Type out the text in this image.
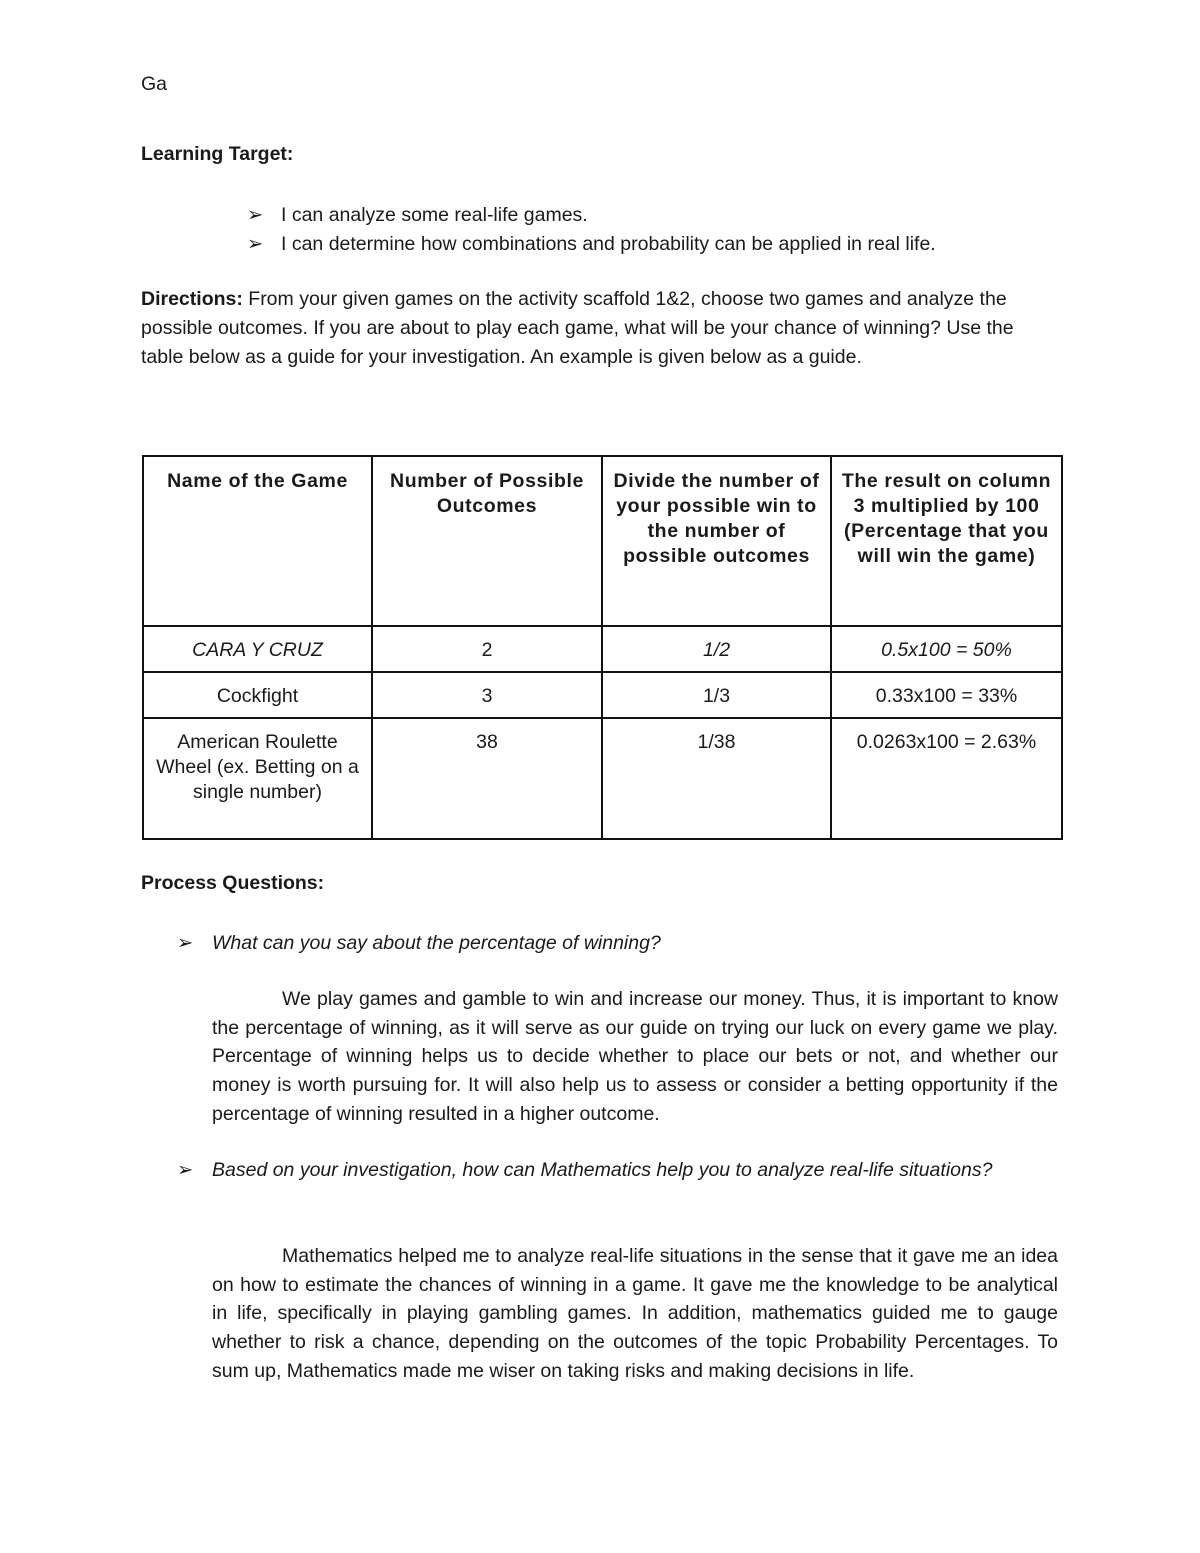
Ga
Learning Target:
➢ I can analyze some real-life games.
➢ I can determine how combinations and probability can be applied in real life.
Directions: From your given games on the activity scaffold 1&2, choose two games and analyze the possible outcomes. If you are about to play each game, what will be your chance of winning? Use the table below as a guide for your investigation. An example is given below as a guide.
Name of the Game	Number of Possible Outcomes	Divide the number of your possible win to the number of possible outcomes	The result on column 3 multiplied by 100 (Percentage that you will win the game)
CARA Y CRUZ	2	1/2	0.5x100 = 50%
Cockfight	3	1/3	0.33x100 = 33%
American Roulette Wheel (ex. Betting on a single number)	38	1/38	0.0263x100 = 2.63%
Process Questions:
➢ What can you say about the percentage of winning?
We play games and gamble to win and increase our money. Thus, it is important to know the percentage of winning, as it will serve as our guide on trying our luck on every game we play. Percentage of winning helps us to decide whether to place our bets or not, and whether our money is worth pursuing for. It will also help us to assess or consider a betting opportunity if the percentage of winning resulted in a higher outcome.
➢ Based on your investigation, how can Mathematics help you to analyze real-life situations?
Mathematics helped me to analyze real-life situations in the sense that it gave me an idea on how to estimate the chances of winning in a game. It gave me the knowledge to be analytical in life, specifically in playing gambling games. In addition, mathematics guided me to gauge whether to risk a chance, depending on the outcomes of the topic Probability Percentages. To sum up, Mathematics made me wiser on taking risks and making decisions in life.
